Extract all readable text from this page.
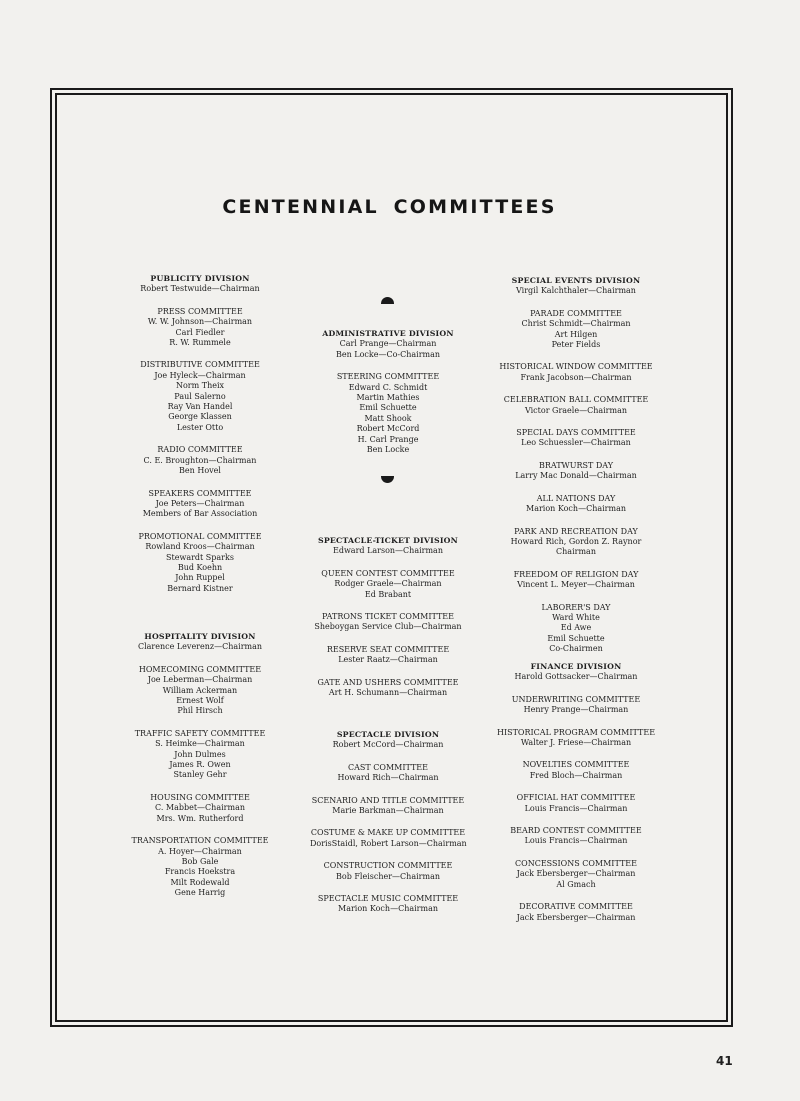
CENTENNIAL COMMITTEES
PUBLICITY DIVISION
Robert Testwuide—Chairman
PRESS COMMITTEE
W. W. Johnson—Chairman
Carl Fiedler
R. W. Rummele
DISTRIBUTIVE COMMITTEE
Joe Hyleck—Chairman
Norm Theix
Paul Salerno
Ray Van Handel
George Klassen
Lester Otto
RADIO COMMITTEE
C. E. Broughton—Chairman
Ben Hovel
SPEAKERS COMMITTEE
Joe Peters—Chairman
Members of Bar Association
PROMOTIONAL COMMITTEE
Rowland Kroos—Chairman
Stewardt Sparks
Bud Koehn
John Ruppel
Bernard Kistner
HOSPITALITY DIVISION
Clarence Leverenz—Chairman
HOMECOMING COMMITTEE
Joe Leberman—Chairman
William Ackerman
Ernest Wolf
Phil Hirsch
TRAFFIC SAFETY COMMITTEE
S. Heimke—Chairman
John Dulmes
James R. Owen
Stanley Gehr
HOUSING COMMITTEE
C. Mabbet—Chairman
Mrs. Wm. Rutherford
TRANSPORTATION COMMITTEE
A. Hoyer—Chairman
Bob Gale
Francis Hoekstra
Milt Rodewald
Gene Harrig
ADMINISTRATIVE DIVISION
Carl Prange—Chairman
Ben Locke—Co-Chairman
STEERING COMMITTEE
Edward C. Schmidt
Martin Mathies
Emil Schuette
Matt Shook
Robert McCord
H. Carl Prange
Ben Locke
SPECTACLE-TICKET DIVISION
Edward Larson—Chairman
QUEEN CONTEST COMMITTEE
Rodger Graele—Chairman
Ed Brabant
PATRONS TICKET COMMITTEE
Sheboygan Service Club—Chairman
RESERVE SEAT COMMITTEE
Lester Raatz—Chairman
GATE AND USHERS COMMITTEE
Art H. Schumann—Chairman
SPECTACLE DIVISION
Robert McCord—Chairman
CAST COMMITTEE
Howard Rich—Chairman
SCENARIO AND TITLE COMMITTEE
Marie Barkman—Chairman
COSTUME & MAKE UP COMMITTEE
DorisStaidl, Robert Larson—Chairman
CONSTRUCTION COMMITTEE
Bob Fleischer—Chairman
SPECTACLE MUSIC COMMITTEE
Marion Koch—Chairman
SPECIAL EVENTS DIVISION
Virgil Kalchthaler—Chairman
PARADE COMMITTEE
Christ Schmidt—Chairman
Art Hilgen
Peter Fields
HISTORICAL WINDOW COMMITTEE
Frank Jacobson—Chairman
CELEBRATION BALL COMMITTEE
Victor Graele—Chairman
SPECIAL DAYS COMMITTEE
Leo Schuessler—Chairman
BRATWURST DAY
Larry Mac Donald—Chairman
ALL NATIONS DAY
Marion Koch—Chairman
PARK AND RECREATION DAY
Howard Rich, Gordon Z. Raynor
Chairman
FREEDOM OF RELIGION DAY
Vincent L. Meyer—Chairman
LABORER'S DAY
Ward White
Ed Awe
Emil Schuette
Co-Chairmen
FINANCE DIVISION
Harold Gottsacker—Chairman
UNDERWRITING COMMITTEE
Henry Prange—Chairman
HISTORICAL PROGRAM COMMITTEE
Walter J. Friese—Chairman
NOVELTIES COMMITTEE
Fred Bloch—Chairman
OFFICIAL HAT COMMITTEE
Louis Francis—Chairman
BEARD CONTEST COMMITTEE
Louis Francis—Chairman
CONCESSIONS COMMITTEE
Jack Ebersberger—Chairman
Al Gmach
DECORATIVE COMMITTEE
Jack Ebersberger—Chairman
41
